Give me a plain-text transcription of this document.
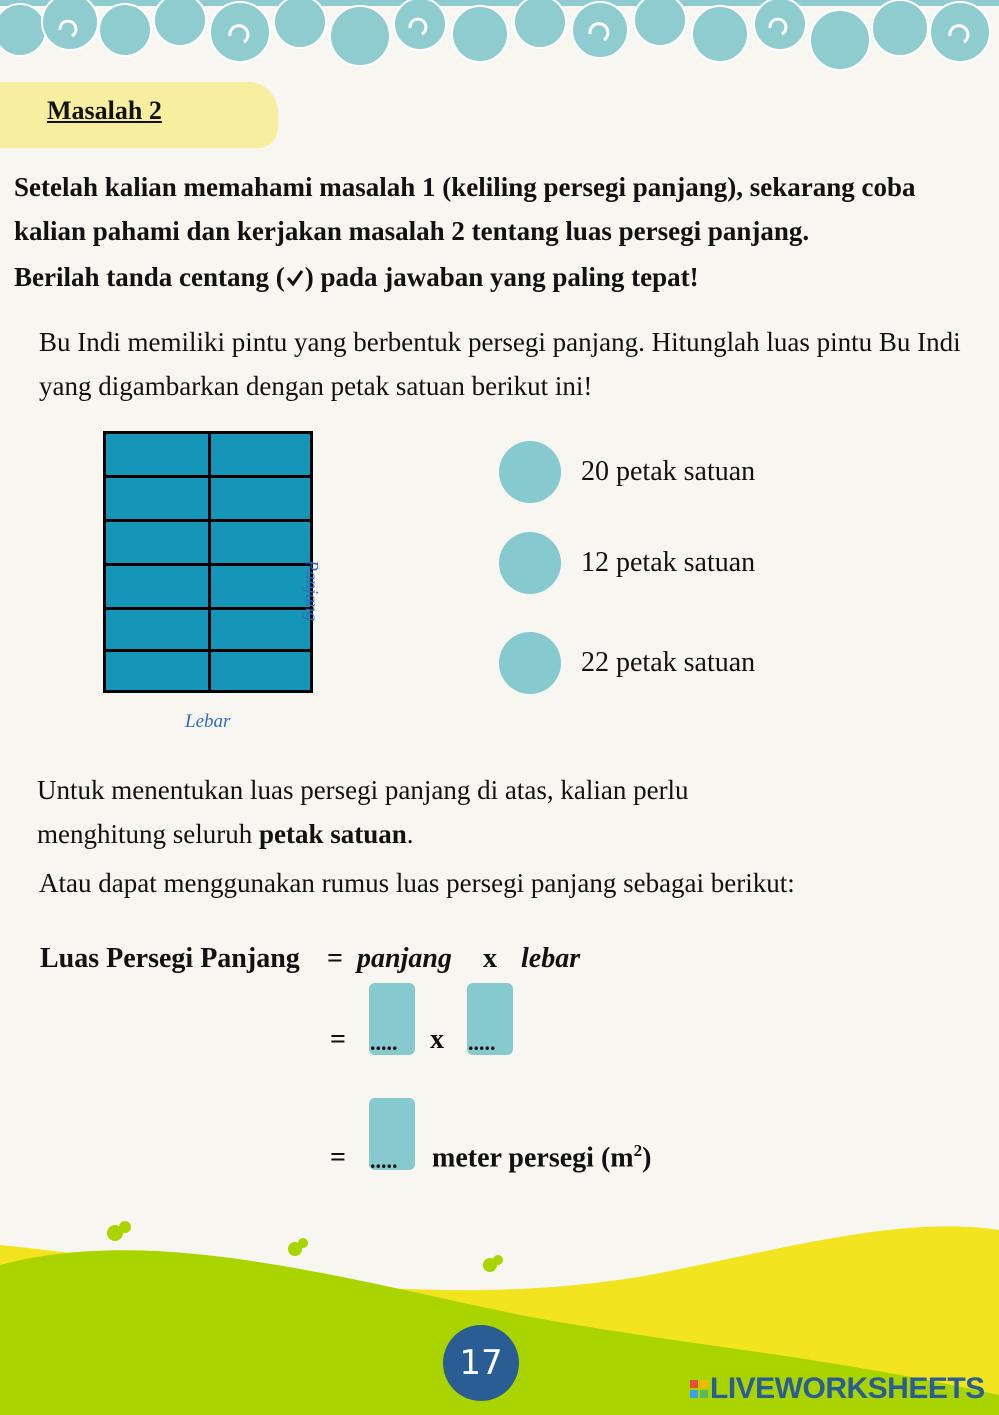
Masalah 2
Setelah kalian memahami masalah 1 (keliling persegi panjang), sekarang coba kalian pahami dan kerjakan masalah 2 tentang luas persegi panjang.
Berilah tanda centang ( ) pada jawaban yang paling tepat!
Bu Indi memiliki pintu yang berbentuk persegi panjang. Hitunglah luas pintu Bu Indi yang digambarkan dengan petak satuan berikut ini!
Panjang
Lebar
20 petak satuan
12 petak satuan
22 petak satuan
Untuk menentukan luas persegi panjang di atas, kalian perlu
menghitung seluruh petak satuan.
Atau dapat menggunakan rumus luas persegi panjang sebagai berikut:
Luas Persegi Panjang = panjang x lebar
= ..... x .....
= ..... meter persegi $(m^2)$
17
LIVEWORKSHEETS
